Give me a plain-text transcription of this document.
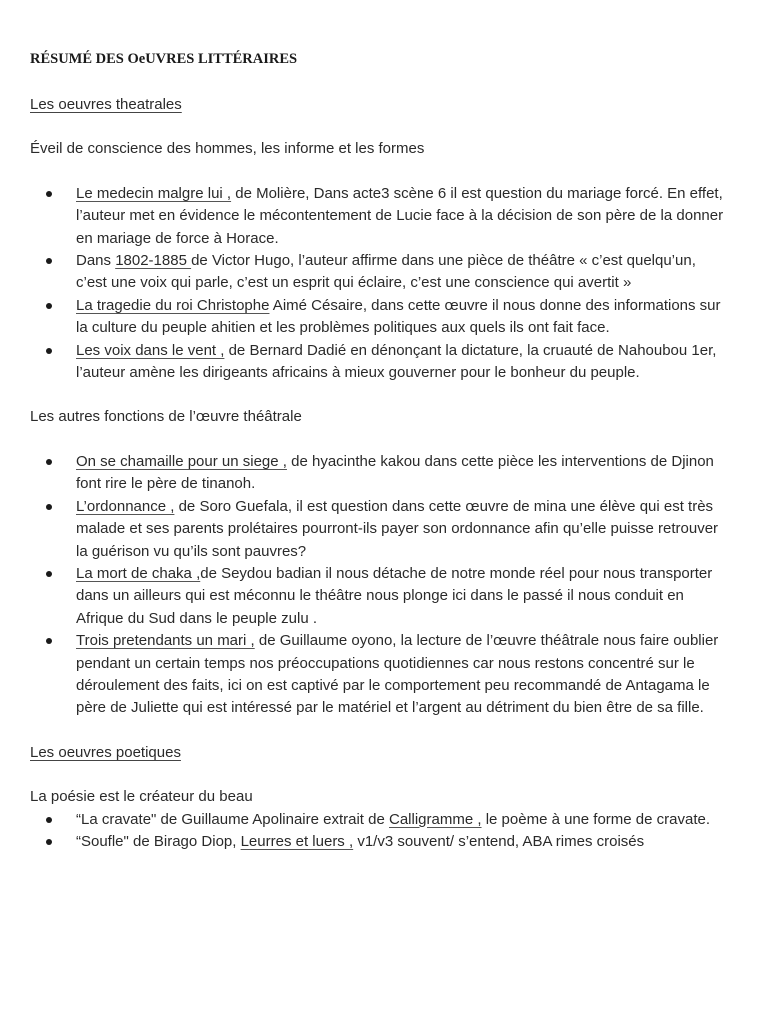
RÉSUMÉ DES OeUVRES LITTÉRAIRES

Les oeuvres theatrales

Éveil de conscience des hommes, les informe et les formes

Le medecin malgre lui , de Molière, Dans acte3 scène 6 il est question du mariage forcé. En effet, l’auteur met en évidence le mécontentement de Lucie face à la décision de son père de la donner en mariage de force à Horace.
Dans 1802-1885 de Victor Hugo, l’auteur affirme dans une pièce de théâtre « c’est quelqu’un, c’est une voix qui parle, c’est un esprit qui éclaire, c’est une conscience qui avertit »
La tragedie du roi Christophe Aimé Césaire, dans cette œuvre il nous donne des informations sur la culture du peuple ahitien et les problèmes politiques aux quels ils ont fait face.
Les voix dans le vent , de Bernard Dadié en dénonçant la dictature, la cruauté de Nahoubou 1er, l’auteur amène les dirigeants africains à mieux gouverner pour le bonheur du peuple.

Les autres fonctions de l’œuvre théâtrale

On se chamaille pour un siege , de hyacinthe kakou dans cette pièce les interventions de Djinon font rire le père de tinanoh.
L’ordonnance , de Soro Guefala, il est question dans cette œuvre de mina une élève qui est très malade et ses parents prolétaires pourront-ils payer son ordonnance afin qu’elle puisse retrouver la guérison vu qu’ils sont pauvres?
La mort de chaka ,de Seydou badian il nous détache de notre monde réel pour nous transporter dans un ailleurs qui est méconnu le théâtre nous plonge ici dans le passé il nous conduit en Afrique du Sud dans le peuple zulu .
Trois pretendants un mari , de Guillaume oyono, la lecture de l’œuvre théâtrale nous faire oublier pendant un certain temps nos préoccupations quotidiennes car nous restons concentré sur le déroulement des faits, ici on est captivé par le comportement peu recommandé de Antagama le père de Juliette qui est intéressé par le matériel et l’argent au détriment du bien être de sa fille.

Les oeuvres poetiques

La poésie est le créateur du beau

“La cravate" de Guillaume Apolinaire extrait de Calligramme , le poème à une forme de cravate.
“Soufle" de Birago Diop, Leurres et luers , v1/v3 souvent/ s’entend, ABA rimes croisés
